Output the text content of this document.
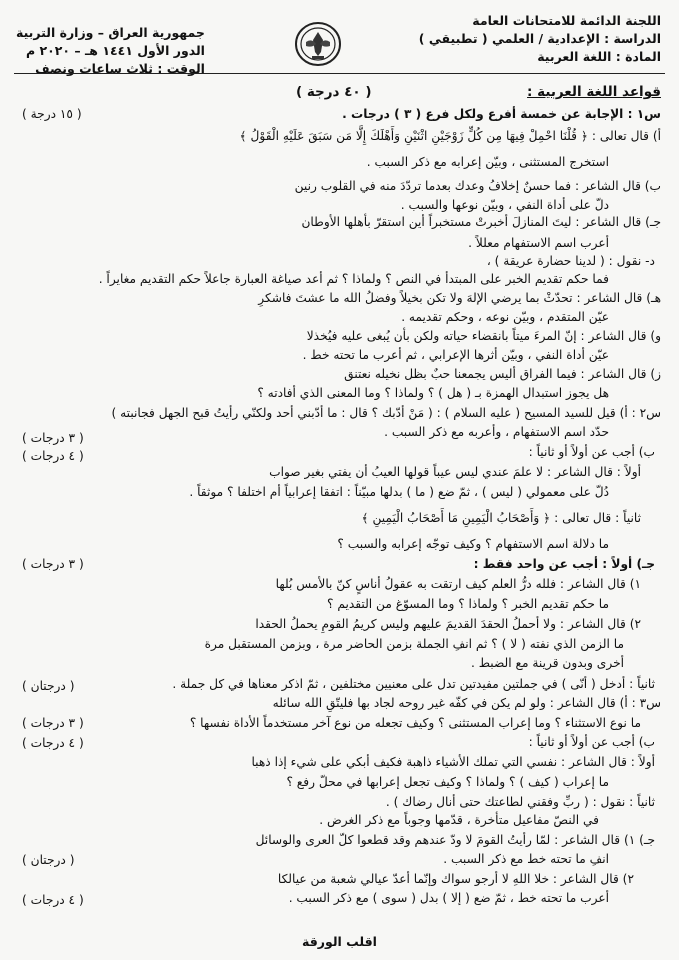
اللجنة الدائمة للامتحانات العامة
الدراسة : الإعدادية / العلمي ( تطبيقي )
المادة : اللغة العربية
جمهورية العراق – وزارة التربية
الدور الأول ١٤٤١ هـ – ٢٠٢٠ م
الوقت : ثلاث ساعات ونصف
قواعد اللغة العربية :
( ٤٠ درجة )
س١ : الإجابة عن خمسة أفرع ولكل فرع ( ٣ ) درجات .
أ) قال تعالى : ﴿ قُلْنَا احْمِلْ فِيهَا مِن كُلٍّ زَوْجَيْنِ اثْنَيْنِ وَأَهْلَكَ إِلَّا مَن سَبَقَ عَلَيْهِ الْقَوْلُ ﴾
استخرج المستثنى ، وبيّن إعرابه مع ذكر السبب .
ب) قال الشاعر : فما حسنٌ إخلافُ وعدك بعدما تردّدَ منه في القلوب رنين
دلّ على أداة النفي ، وبيّن نوعها والسبب .
جـ) قال الشاعر : ليتَ المنازلَ أخبرتْ مستخبراً أين استقرّ بأهلها الأوطان
أعرب اسم الاستفهام معللاً .
د- نقول : ( لدينا حضارة عريقة ) ،
فما حكم تقديم الخبر على المبتدأ في النص ؟ ولماذا ؟ ثم أعد صياغة العبارة جاعلاً حكم التقديم مغايراً .
هـ) قال الشاعر : تحدّثْ بما يرضي الإلهَ ولا تكن بخيلاً وفضلُ الله ما عشتَ فاشكرِ
عيّن المتقدم ، وبيّن نوعه ، وحكم تقديمه .
و) قال الشاعر : إنّ المرءَ ميتاً بانقضاء حياته ولكن بأن يُبغى عليه فيُخذلا
عيّن أداة النفي ، وبيّن أثرها الإعرابي ، ثم أعرب ما تحته خط .
ز) قال الشاعر : فيما الفراق أليس يجمعنا حبٌ بظل نخيله نعتنق
هل يجوز استبدال الهمزة بـ ( هل ) ؟ ولماذا ؟ وما المعنى الذي أفادته ؟
س٢ : أ) قيل للسيد المسيح ( عليه السلام ) : ( مَنْ أدّبك ؟ قال : ما أدّبني أحد ولكنّي رأيتُ قبح الجهل فجانبته )
حدّد اسم الاستفهام ، وأعربه مع ذكر السبب .
ب) أجب عن أولاً أو ثانياً :
أولاً : قال الشاعر : لا علمَ عندي ليس عيباً قولها العيبُ أن يفتي بغير صواب
دُلّ على معمولي ( ليس ) ، ثمّ ضع ( ما ) بدلها مبيّناً : اتفقا إعرابياً أم اختلفا ؟ موثقاً .
ثانياً : قال تعالى : ﴿ وَأَصْحَابُ الْيَمِينِ مَا أَصْحَابُ الْيَمِينِ ﴾
ما دلالة اسم الاستفهام ؟ وكيف توجّه إعرابه والسبب ؟
جـ) أولاً : أجب عن واحد فقط :
١) قال الشاعر : فلله درُّ العلم كيف ارتقت به عقولُ أناسٍ كنّ بالأمس بُلها
ما حكم تقديم الخبر ؟ ولماذا ؟ وما المسوّغ من التقديم ؟
٢) قال الشاعر : ولا أحملُ الحقدَ القديمَ عليهم وليس كريمُ القومِ يحملُ الحقدا
ما الزمن الذي نفته ( لا ) ؟ ثم انفِ الجملة بزمن الحاضر مرة ، وبزمن المستقبل مرة
أخرى وبدون قرينة مع الضبط .
ثانياً : أدخل ( أنّى ) في جملتين مفيدتين تدل على معنيين مختلفين ، ثمّ اذكر معناها في كل جملة .
س٣ : أ) قال الشاعر : ولو لم يكن في كفّه غير روحه لجاد بها فليتّقِ الله سائله
ما نوع الاستثناء ؟ وما إعراب المستثنى ؟ وكيف تجعله من نوع آخر مستخدماً الأداة نفسها ؟
ب) أجب عن أولاً أو ثانياً :
أولاً : قال الشاعر : نفسي التي تملك الأشياء ذاهبة فكيف أبكي على شيء إذا ذهبا
ما إعراب ( كيف ) ؟ ولماذا ؟ وكيف تجعل إعرابها في محلّ رفع ؟
ثانياً : نقول : ( ربِّ وفقني لطاعتك حتى أنال رضاك ) .
في النصّ مفاعيل متأخرة ، قدّمها وجوباً مع ذكر الغرض .
جـ) ١) قال الشاعر : لمّا رأيتُ القومَ لا ودّ عندهم وقد قطعوا كلّ العرى والوسائل
انفِ ما تحته خط مع ذكر السبب .
٢) قال الشاعر : خلا اللهِ لا أرجو سواك وإنّما أعدّ عيالي شعبة من عيالكا
أعرب ما تحته خط ، ثمّ ضع ( إلا ) بدل ( سوى ) مع ذكر السبب .
( ١٥ درجة )
( ٣ درجات )
( ٤ درجات )
( ٣ درجات )
( درجتان )
( ٣ درجات )
( ٤ درجات )
( درجتان )
( ٤ درجات )
اقلب الورقة
